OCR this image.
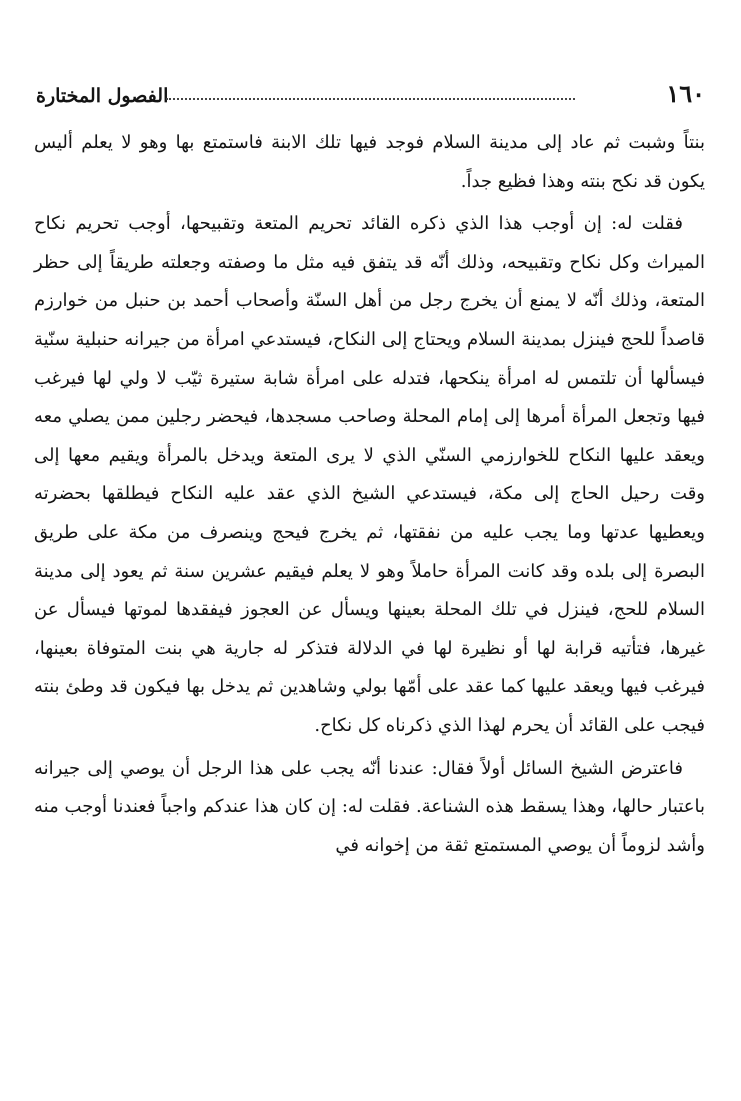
١٦٠
الفصول المختارة

بنتاً وشبت ثم عاد إلى مدينة السلام فوجد فيها تلك الابنة فاستمتع بها وهو لا يعلم أليس يكون قد نكح بنته وهذا فظيع جداً.

فقلت له: إن أوجب هذا الذي ذكره القائد تحريم المتعة وتقبيحها، أوجب تحريم نكاح الميراث وكل نكاح وتقبيحه، وذلك أنّه قد يتفق فيه مثل ما وصفته وجعلته طريقاً إلى حظر المتعة، وذلك أنّه لا يمنع أن يخرج رجل من أهل السنّة وأصحاب أحمد بن حنبل من خوارزم قاصداً للحج فينزل بمدينة السلام ويحتاج إلى النكاح، فيستدعي امرأة من جيرانه حنبلية سنّية فيسألها أن تلتمس له امرأة ينكحها، فتدله على امرأة شابة ستيرة ثيّب لا ولي لها فيرغب فيها وتجعل المرأة أمرها إلى إمام المحلة وصاحب مسجدها، فيحضر رجلين ممن يصلي معه ويعقد عليها النكاح للخوارزمي السنّي الذي لا يرى المتعة ويدخل بالمرأة ويقيم معها إلى وقت رحيل الحاج إلى مكة، فيستدعي الشيخ الذي عقد عليه النكاح فيطلقها بحضرته ويعطيها عدتها وما يجب عليه من نفقتها، ثم يخرج فيحج وينصرف من مكة على طريق البصرة إلى بلده وقد كانت المرأة حاملاً وهو لا يعلم فيقيم عشرين سنة ثم يعود إلى مدينة السلام للحج، فينزل في تلك المحلة بعينها ويسأل عن العجوز فيفقدها لموتها فيسأل عن غيرها، فتأتيه قرابة لها أو نظيرة لها في الدلالة فتذكر له جارية هي بنت المتوفاة بعينها، فيرغب فيها ويعقد عليها كما عقد على أمّها بولي وشاهدين ثم يدخل بها فيكون قد وطئ بنته فيجب على القائد أن يحرم لهذا الذي ذكرناه كل نكاح.

فاعترض الشيخ السائل أولاً فقال: عندنا أنّه يجب على هذا الرجل أن يوصي إلى جيرانه باعتبار حالها، وهذا يسقط هذه الشناعة. فقلت له: إن كان هذا عندكم واجباً فعندنا أوجب منه وأشد لزوماً أن يوصي المستمتع ثقة من إخوانه في
